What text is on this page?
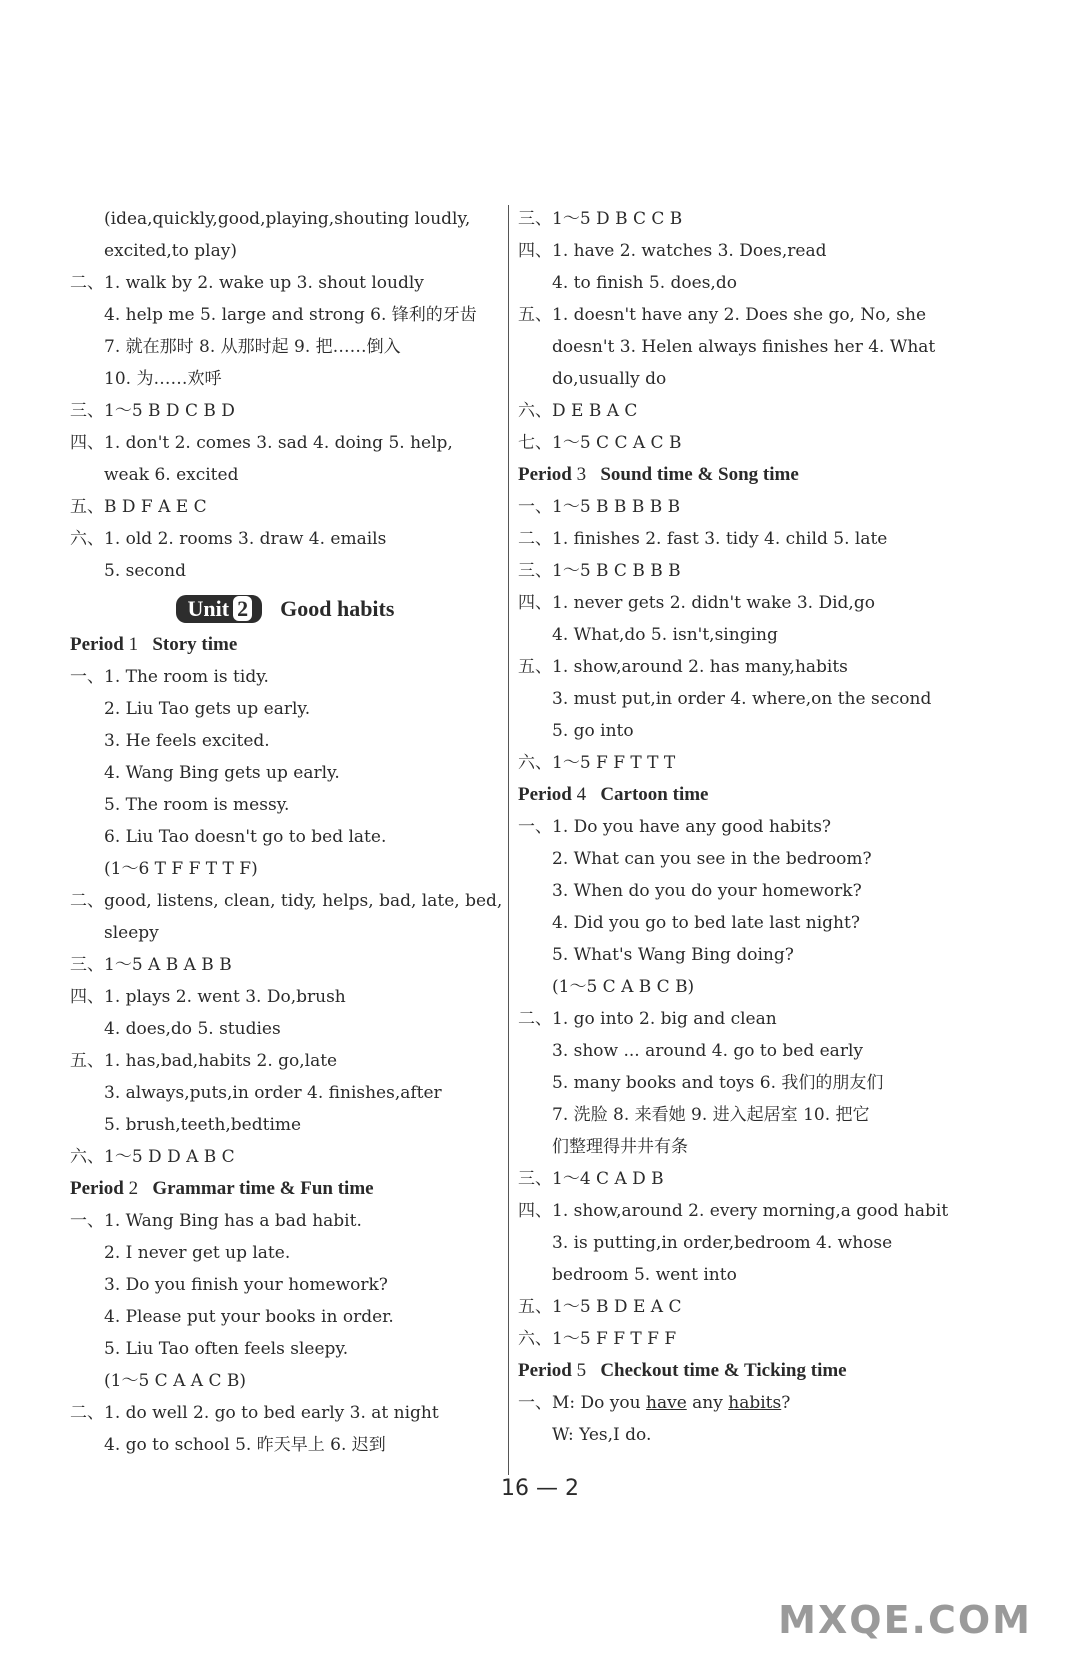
(idea,quickly,good,playing,shouting loudly,
excited,to play)
二、1. walk by 2. wake up 3. shout loudly
4. help me 5. large and strong 6. 锋利的牙齿
7. 就在那时 8. 从那时起 9. 把……倒入
10. 为……欢呼
三、1～5 B D C B D
四、1. don't 2. comes 3. sad 4. doing 5. help,
weak 6. excited
五、B D F A E C
六、1. old 2. rooms 3. draw 4. emails
5. second
Unit 2	Good habits
Period 1 Story time
一、1. The room is tidy.
2. Liu Tao gets up early.
3. He feels excited.
4. Wang Bing gets up early.
5. The room is messy.
6. Liu Tao doesn't go to bed late.
(1～6 T F F T T F)
二、good, listens, clean, tidy, helps, bad, late, bed,
sleepy
三、1～5 A B A B B
四、1. plays 2. went 3. Do,brush
4. does,do 5. studies
五、1. has,bad,habits 2. go,late
3. always,puts,in order 4. finishes,after
5. brush,teeth,bedtime
六、1～5 D D A B C
Period 2 Grammar time & Fun time
一、1. Wang Bing has a bad habit.
2. I never get up late.
3. Do you finish your homework?
4. Please put your books in order.
5. Liu Tao often feels sleepy.
(1～5 C A A C B)
二、1. do well 2. go to bed early 3. at night
4. go to school 5. 昨天早上 6. 迟到
三、1～5 D B C C B
四、1. have 2. watches 3. Does,read
4. to finish 5. does,do
五、1. doesn't have any 2. Does she go, No, she
doesn't 3. Helen always finishes her 4. What
do,usually do
六、D E B A C
七、1～5 C C A C B
Period 3 Sound time & Song time
一、1～5 B B B B B
二、1. finishes 2. fast 3. tidy 4. child 5. late
三、1～5 B C B B B
四、1. never gets 2. didn't wake 3. Did,go
4. What,do 5. isn't,singing
五、1. show,around 2. has many,habits
3. must put,in order 4. where,on the second
5. go into
六、1～5 F F T T T
Period 4 Cartoon time
一、1. Do you have any good habits?
2. What can you see in the bedroom?
3. When do you do your homework?
4. Did you go to bed late last night?
5. What's Wang Bing doing?
(1～5 C A B C B)
二、1. go into 2. big and clean
3. show ... around 4. go to bed early
5. many books and toys 6. 我们的朋友们
7. 洗脸 8. 来看她 9. 进入起居室 10. 把它
们整理得井井有条
三、1～4 C A D B
四、1. show,around 2. every morning,a good habit
3. is putting,in order,bedroom 4. whose
bedroom 5. went into
五、1～5 B D E A C
六、1～5 F F T F F
Period 5 Checkout time & Ticking time
一、M: Do you have any habits?
W: Yes,I do.
16 — 2
MXQE.COM
